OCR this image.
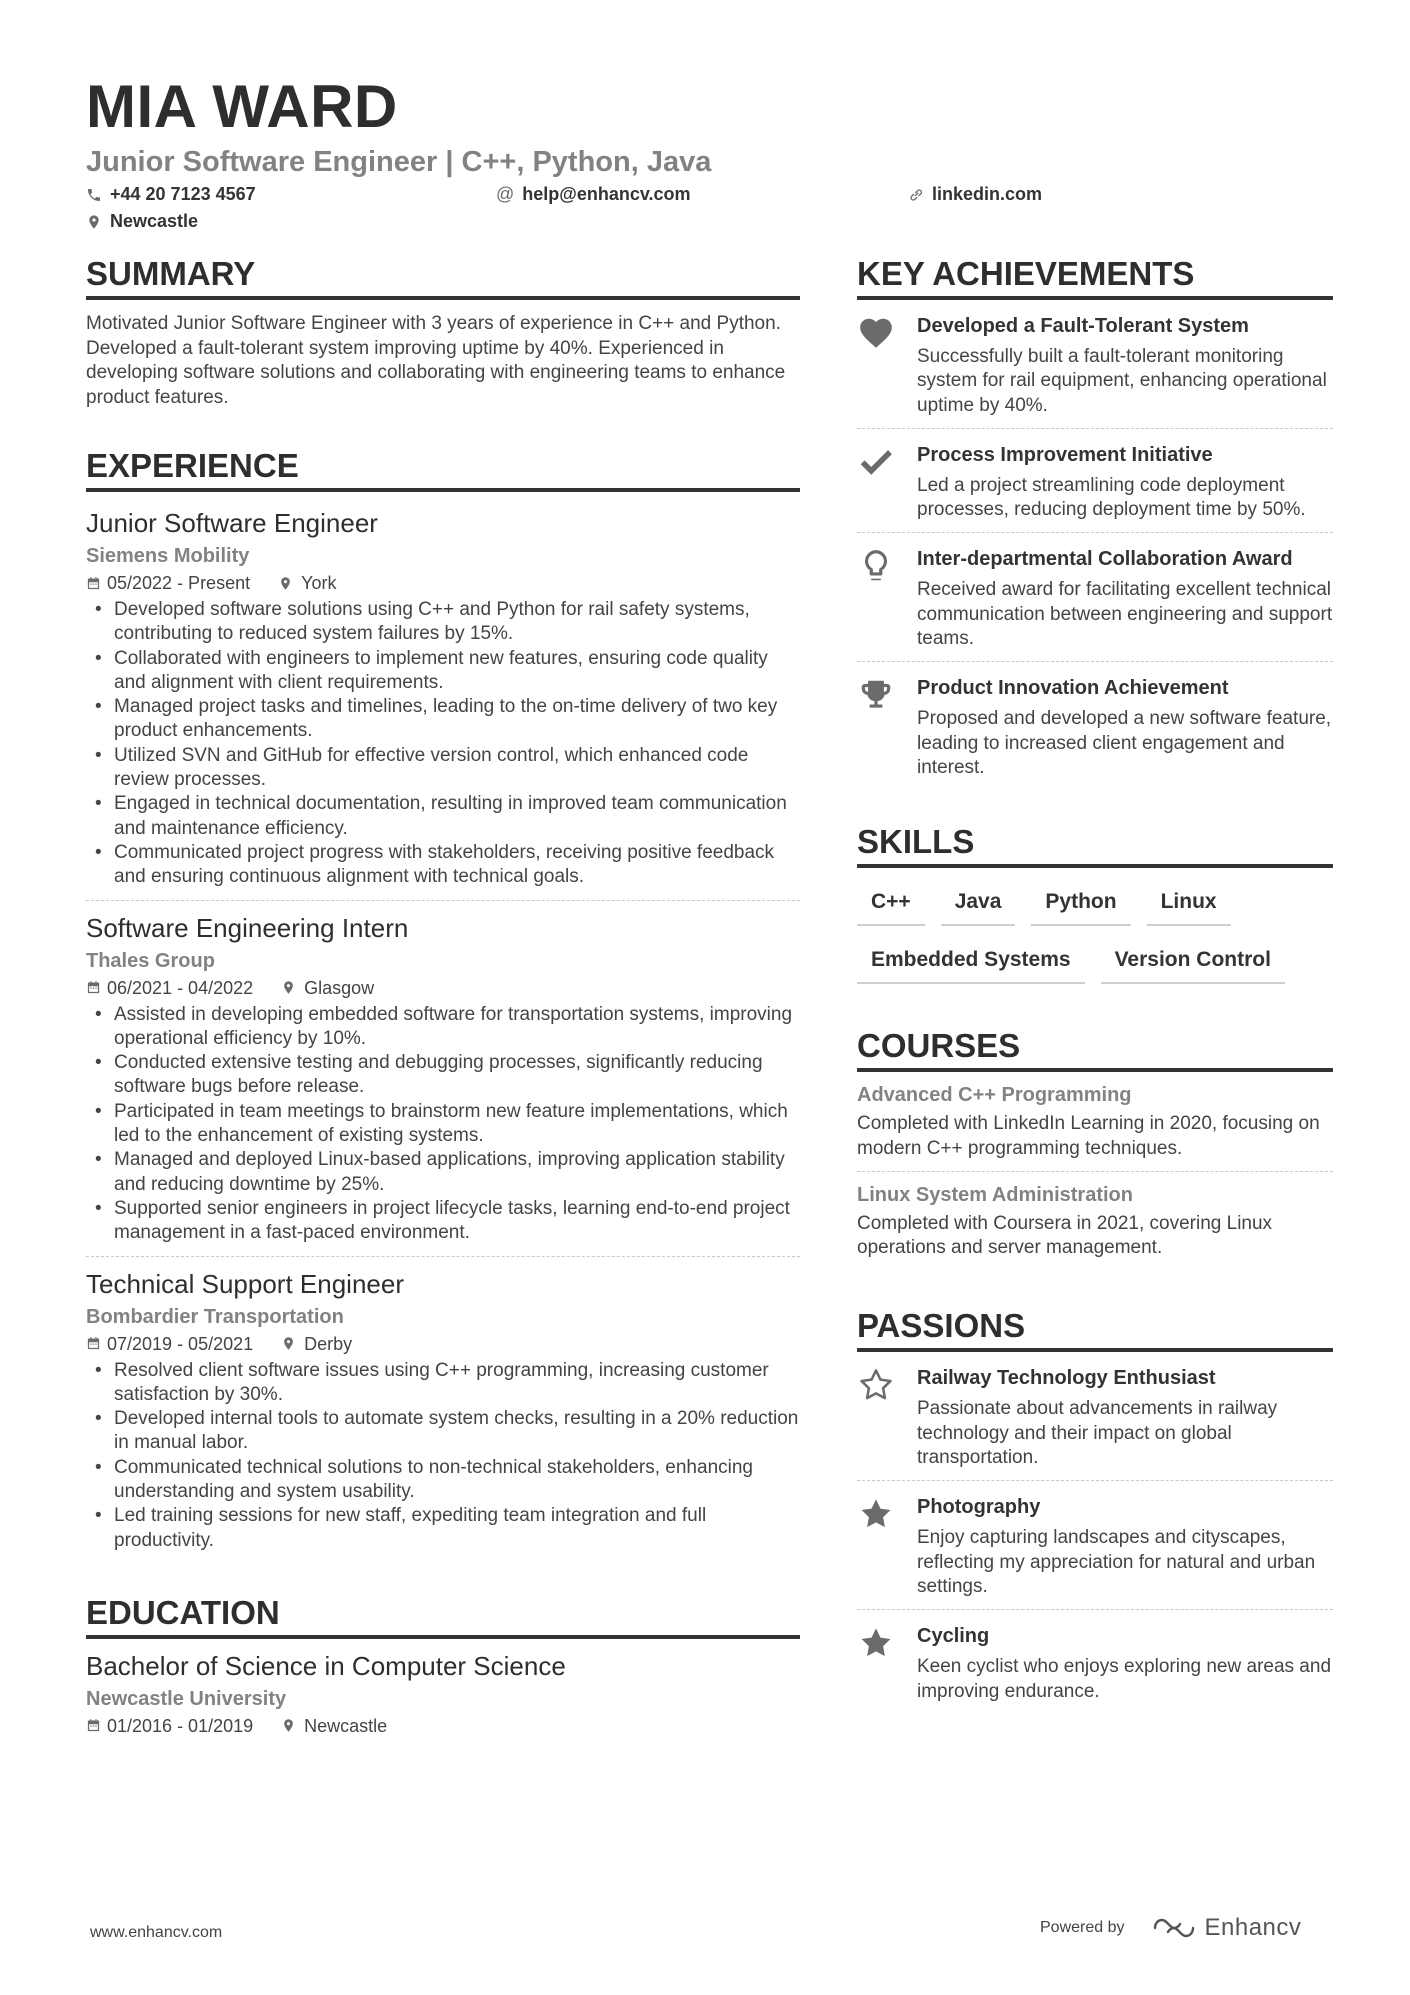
MIA WARD
Junior Software Engineer | C++, Python, Java
+44 20 7123 4567	@ help@enhancv.com	linkedin.com
Newcastle
SUMMARY
Motivated Junior Software Engineer with 3 years of experience in C++ and Python. Developed a fault-tolerant system improving uptime by 40%. Experienced in developing software solutions and collaborating with engineering teams to enhance product features.
EXPERIENCE
Junior Software Engineer
Siemens Mobility
05/2022 - Present	York
• Developed software solutions using C++ and Python for rail safety systems, contributing to reduced system failures by 15%.
• Collaborated with engineers to implement new features, ensuring code quality and alignment with client requirements.
• Managed project tasks and timelines, leading to the on-time delivery of two key product enhancements.
• Utilized SVN and GitHub for effective version control, which enhanced code review processes.
• Engaged in technical documentation, resulting in improved team communication and maintenance efficiency.
• Communicated project progress with stakeholders, receiving positive feedback and ensuring continuous alignment with technical goals.
Software Engineering Intern
Thales Group
06/2021 - 04/2022	Glasgow
• Assisted in developing embedded software for transportation systems, improving operational efficiency by 10%.
• Conducted extensive testing and debugging processes, significantly reducing software bugs before release.
• Participated in team meetings to brainstorm new feature implementations, which led to the enhancement of existing systems.
• Managed and deployed Linux-based applications, improving application stability and reducing downtime by 25%.
• Supported senior engineers in project lifecycle tasks, learning end-to-end project management in a fast-paced environment.
Technical Support Engineer
Bombardier Transportation
07/2019 - 05/2021	Derby
• Resolved client software issues using C++ programming, increasing customer satisfaction by 30%.
• Developed internal tools to automate system checks, resulting in a 20% reduction in manual labor.
• Communicated technical solutions to non-technical stakeholders, enhancing understanding and system usability.
• Led training sessions for new staff, expediting team integration and full productivity.
EDUCATION
Bachelor of Science in Computer Science
Newcastle University
01/2016 - 01/2019	Newcastle
KEY ACHIEVEMENTS
Developed a Fault-Tolerant System
Successfully built a fault-tolerant monitoring system for rail equipment, enhancing operational uptime by 40%.
Process Improvement Initiative
Led a project streamlining code deployment processes, reducing deployment time by 50%.
Inter-departmental Collaboration Award
Received award for facilitating excellent technical communication between engineering and support teams.
Product Innovation Achievement
Proposed and developed a new software feature, leading to increased client engagement and interest.
SKILLS
C++	Java	Python	Linux
Embedded Systems	Version Control
COURSES
Advanced C++ Programming
Completed with LinkedIn Learning in 2020, focusing on modern C++ programming techniques.
Linux System Administration
Completed with Coursera in 2021, covering Linux operations and server management.
PASSIONS
Railway Technology Enthusiast
Passionate about advancements in railway technology and their impact on global transportation.
Photography
Enjoy capturing landscapes and cityscapes, reflecting my appreciation for natural and urban settings.
Cycling
Keen cyclist who enjoys exploring new areas and improving endurance.
www.enhancv.com	Powered by	Enhancv
